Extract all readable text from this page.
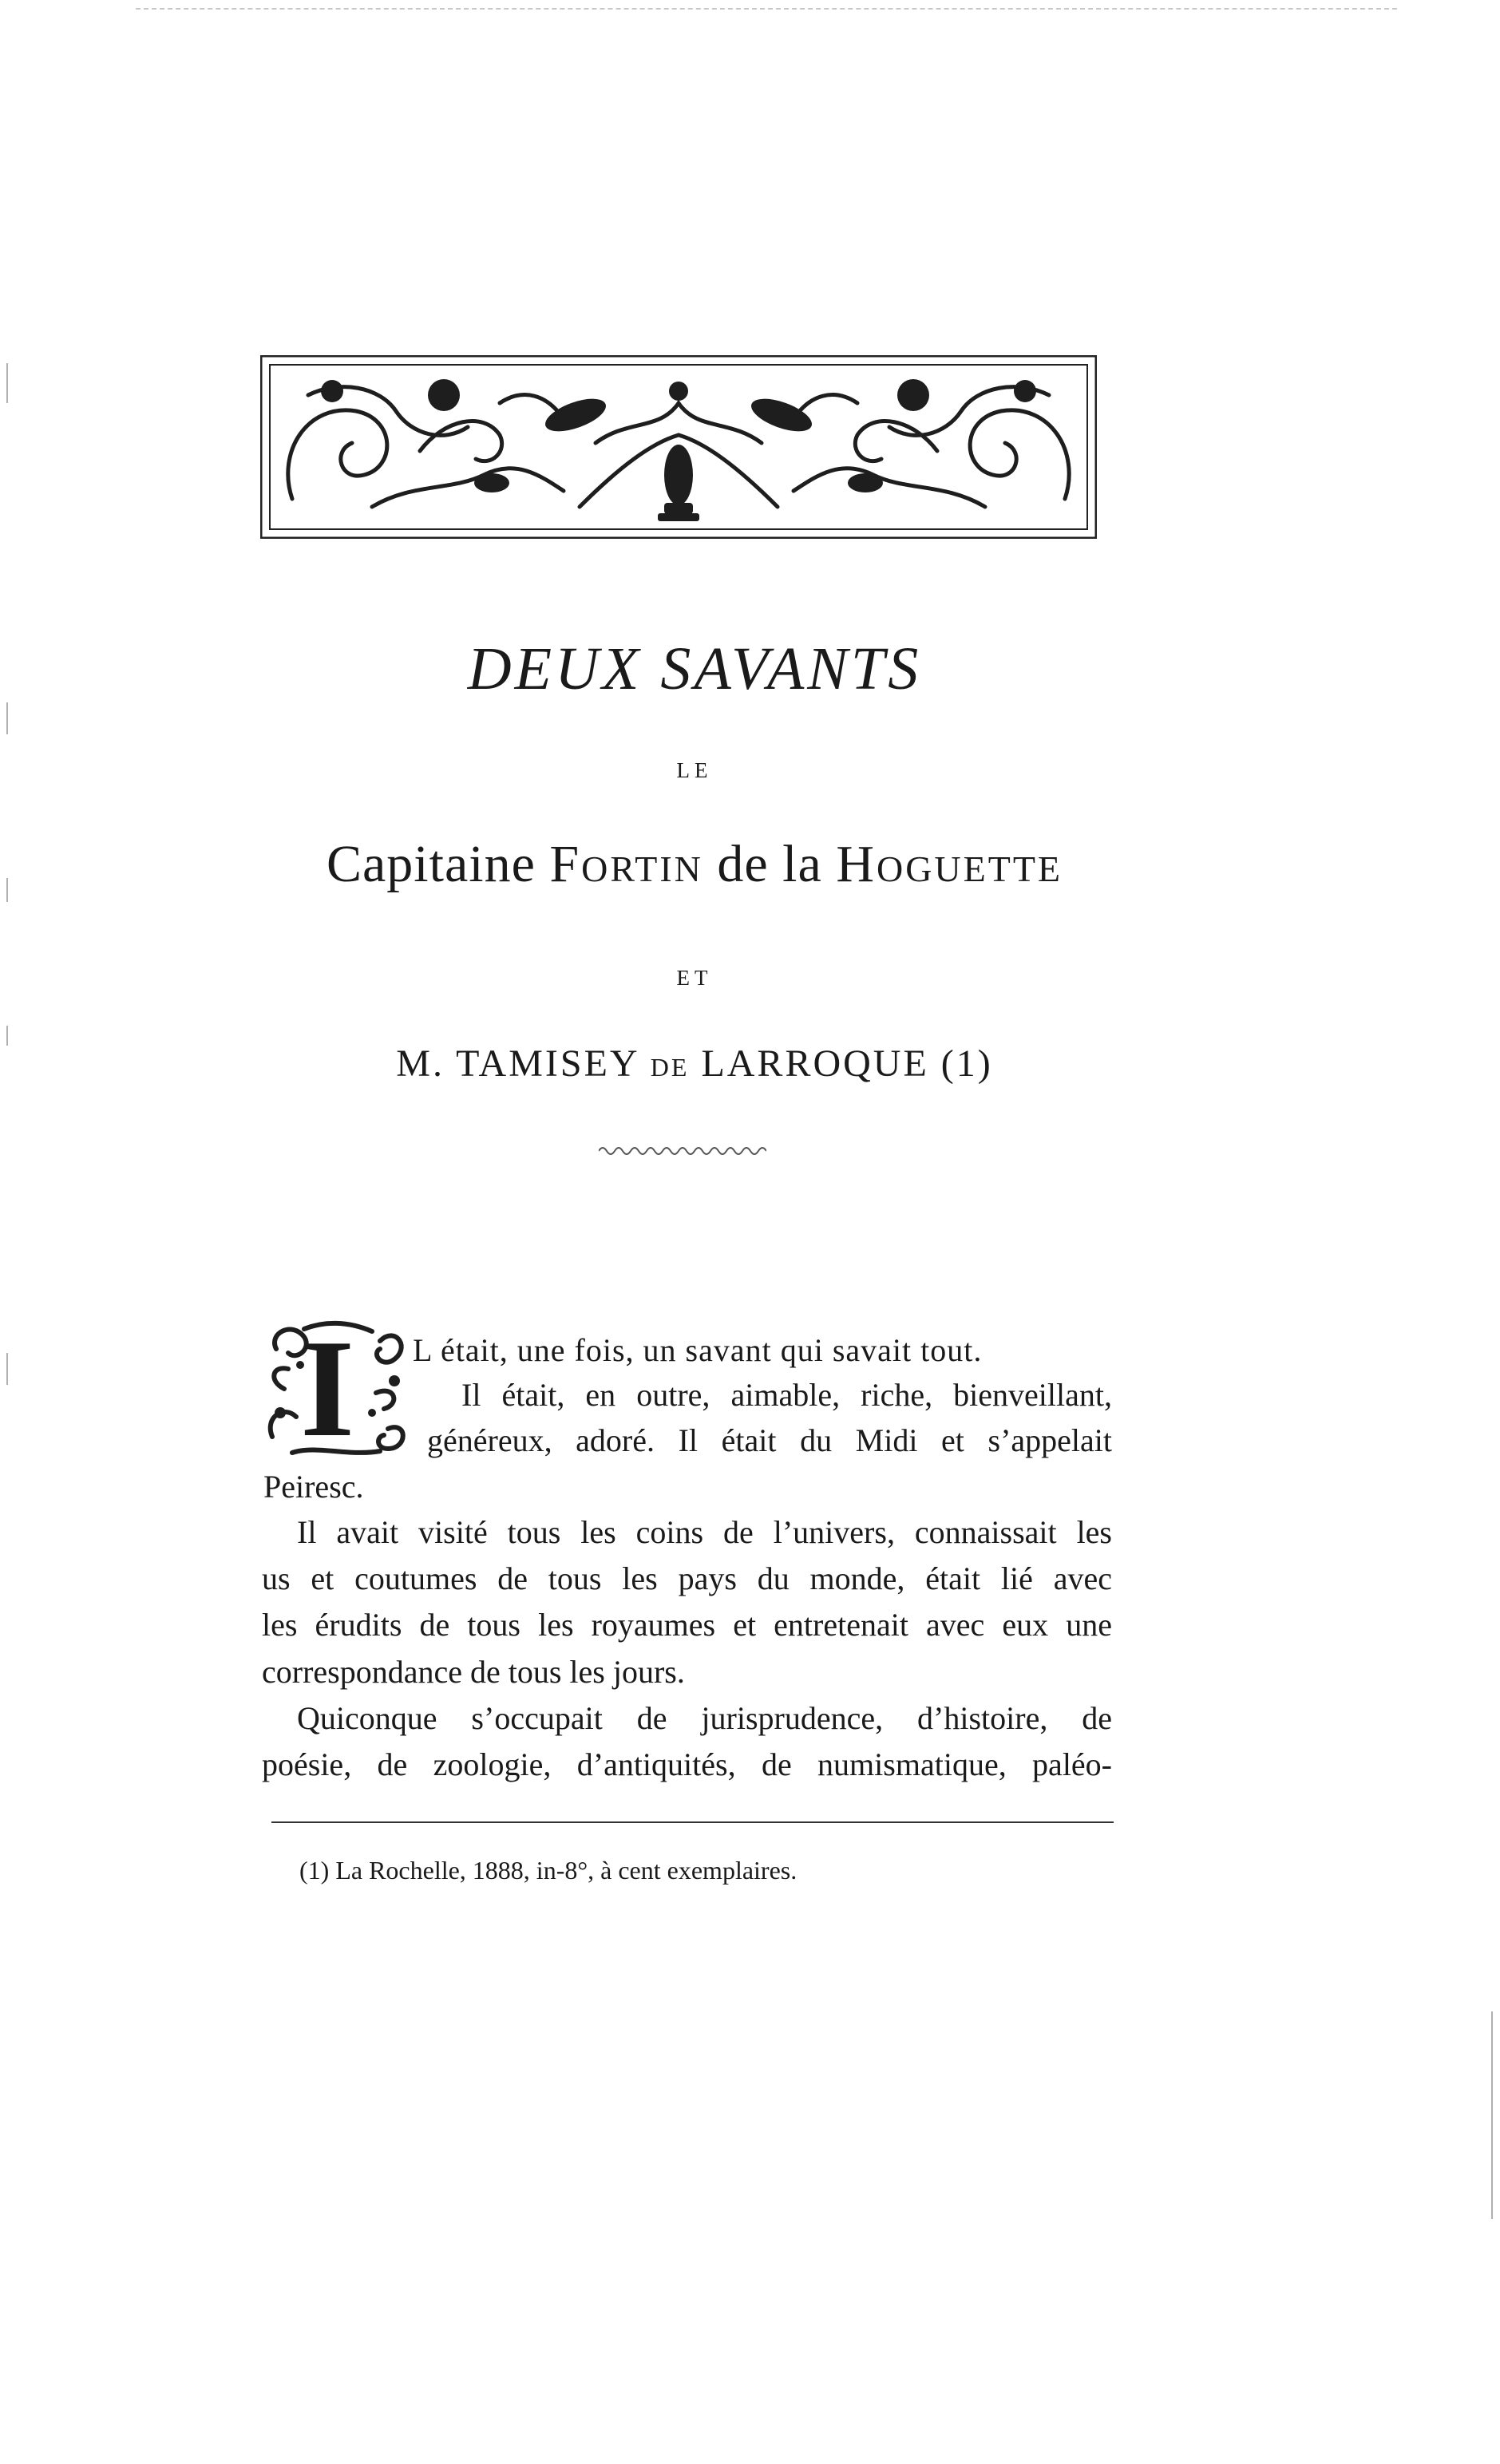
DEUX SAVANTS
LE
Capitaine Fortin de la Hoguette
ET
M. TAMISEY DE LARROQUE (1)
I L était, une fois, un savant qui savait tout.
Il était, en outre, aimable, riche, bienveillant,
généreux, adoré. Il était du Midi et s’appelait
Peiresc.
Il avait visité tous les coins de l’univers, connaissait les
us et coutumes de tous les pays du monde, était lié avec
les érudits de tous les royaumes et entretenait avec eux une
correspondance de tous les jours.
Quiconque s’occupait de jurisprudence, d’histoire, de
poésie, de zoologie, d’antiquités, de numismatique, paléo-
(1) La Rochelle, 1888, in-8°, à cent exemplaires.
